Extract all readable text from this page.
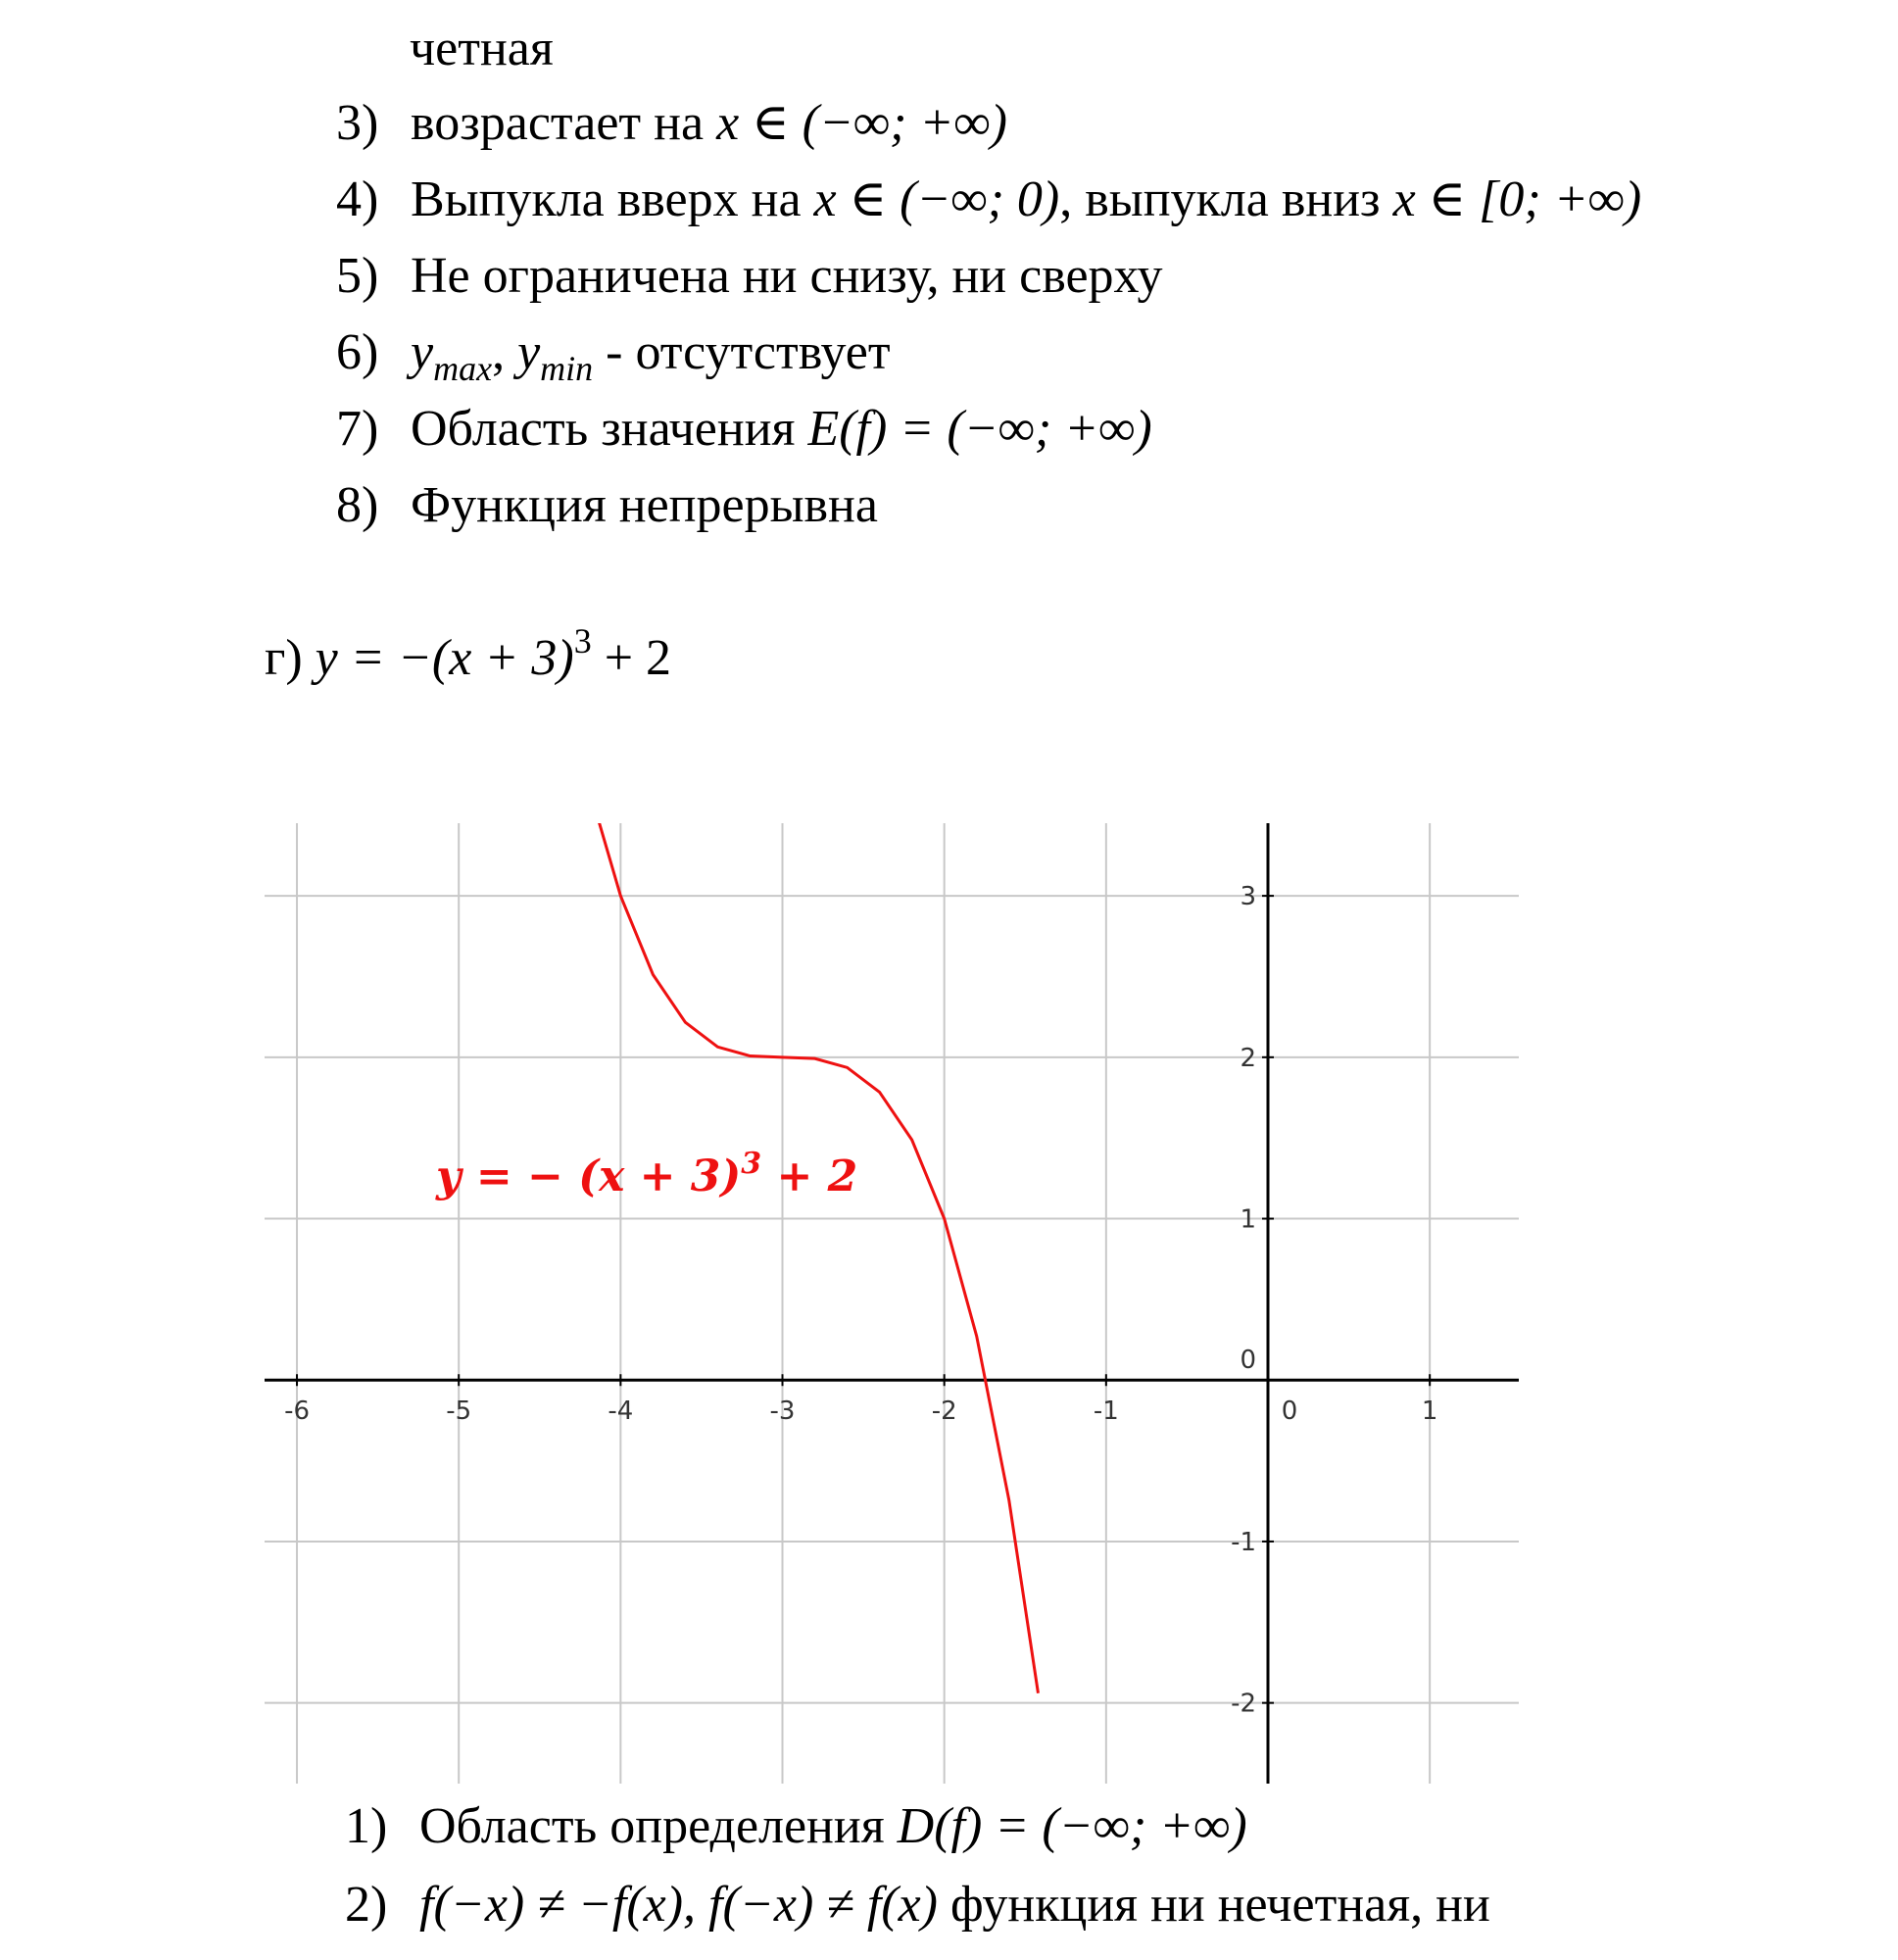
четная
3) возрастает на x ∈ (−∞; +∞)
4) Выпукла вверх на x ∈ (−∞; 0), выпукла вниз x ∈ [0; +∞)
5) Не ограничена ни снизу, ни сверху
6) $y_{max}$, $y_{min}$ - отсутствует
7) Область значения E(f) = (−∞; +∞)
8) Функция непрерывна
г) $y = -(x + 3)^3 + 2$
-6	-5	-4	-3	-2	-1	0	1
-2
-1
0
1
2
3
y = − $(x + 3)^3 + 2$
1) Область определения D(f) = (−∞; +∞)
2) f(−x) ≠ −f(x), f(−x) ≠ f(x) функция ни нечетная, ни
